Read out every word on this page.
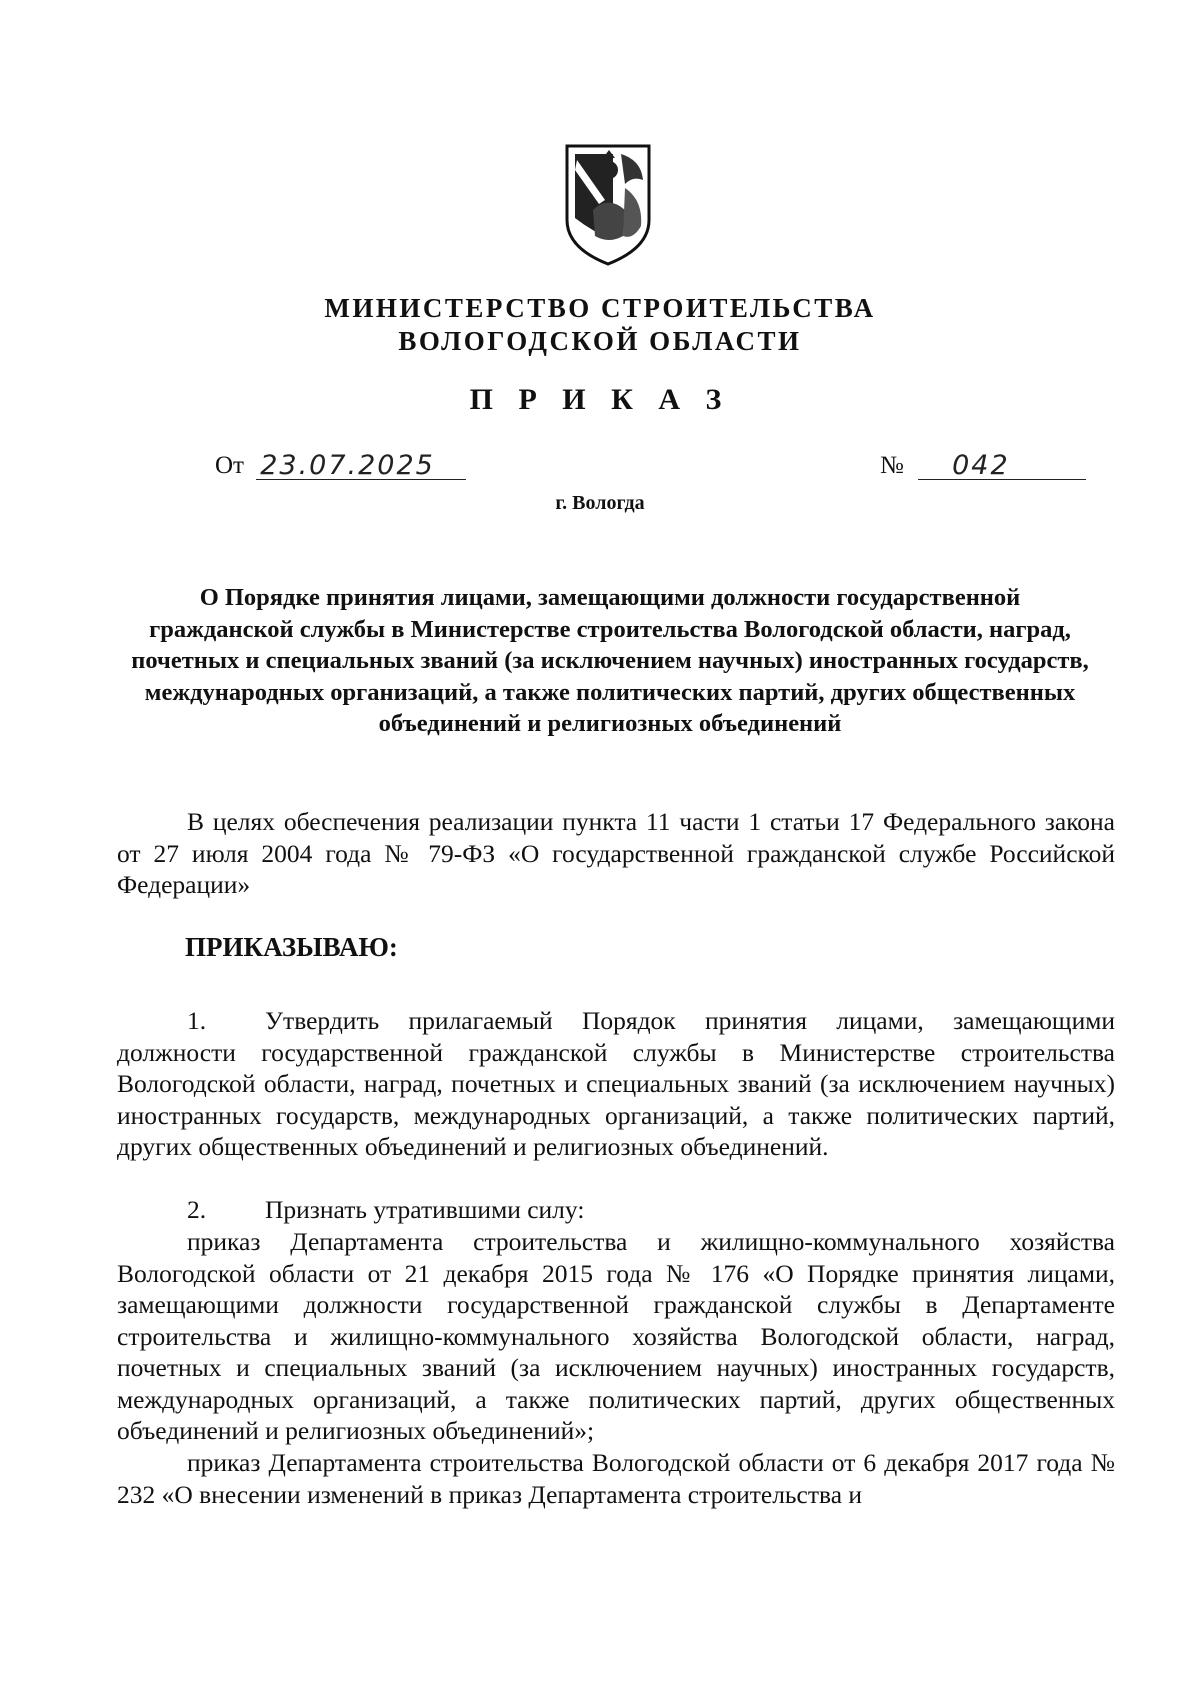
МИНИСТЕРСТВО СТРОИТЕЛЬСТВА
ВОЛОГОДСКОЙ ОБЛАСТИ
П Р И К А З
От 23.07.2025	№ 042
г. Вологда
О Порядке принятия лицами, замещающими должности государственной гражданской службы в Министерстве строительства Вологодской области, наград, почетных и специальных званий (за исключением научных) иностранных государств, международных организаций, а также политических партий, других общественных объединений и религиозных объединений
В целях обеспечения реализации пункта 11 части 1 статьи 17 Федерального закона от 27 июля 2004 года № 79-ФЗ «О государственной гражданской службе Российской Федерации»
ПРИКАЗЫВАЮ:
1. Утвердить прилагаемый Порядок принятия лицами, замещающими должности государственной гражданской службы в Министерстве строительства Вологодской области, наград, почетных и специальных званий (за исключением научных) иностранных государств, международных организаций, а также политических партий, других общественных объединений и религиозных объединений.
2. Признать утратившими силу:
приказ Департамента строительства и жилищно-коммунального хозяйства Вологодской области от 21 декабря 2015 года № 176 «О Порядке принятия лицами, замещающими должности государственной гражданской службы в Департаменте строительства и жилищно-коммунального хозяйства Вологодской области, наград, почетных и специальных званий (за исключением научных) иностранных государств, международных организаций, а также политических партий, других общественных объединений и религиозных объединений»;
приказ Департамента строительства Вологодской области от 6 декабря 2017 года № 232 «О внесении изменений в приказ Департамента строительства и
